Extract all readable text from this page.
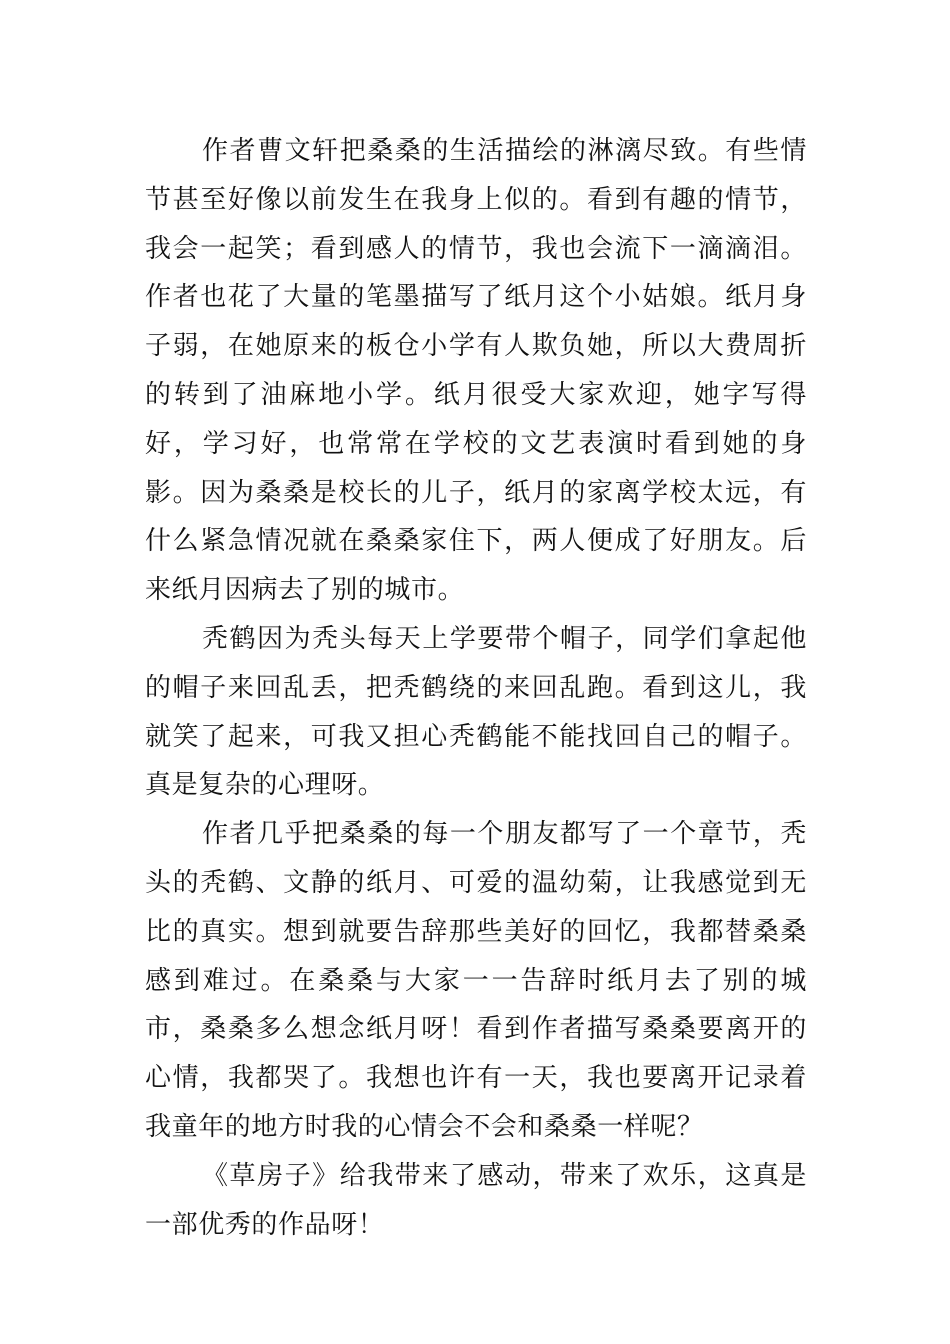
作者曹文轩把桑桑的生活描绘的淋漓尽致。有些情节甚至好像以前发生在我身上似的。看到有趣的情节，我会一起笑；看到感人的情节，我也会流下一滴滴泪。作者也花了大量的笔墨描写了纸月这个小姑娘。纸月身子弱，在她原来的板仓小学有人欺负她，所以大费周折的转到了油麻地小学。纸月很受大家欢迎，她字写得好，学习好，也常常在学校的文艺表演时看到她的身影。因为桑桑是校长的儿子，纸月的家离学校太远，有什么紧急情况就在桑桑家住下，两人便成了好朋友。后来纸月因病去了别的城市。

秃鹤因为秃头每天上学要带个帽子，同学们拿起他的帽子来回乱丢，把秃鹤绕的来回乱跑。看到这儿，我就笑了起来，可我又担心秃鹤能不能找回自己的帽子。真是复杂的心理呀。

作者几乎把桑桑的每一个朋友都写了一个章节，秃头的秃鹤、文静的纸月、可爱的温幼菊，让我感觉到无比的真实。想到就要告辞那些美好的回忆，我都替桑桑感到难过。在桑桑与大家一一告辞时纸月去了别的城市，桑桑多么想念纸月呀！看到作者描写桑桑要离开的心情，我都哭了。我想也许有一天，我也要离开记录着我童年的地方时我的心情会不会和桑桑一样呢？

《草房子》给我带来了感动，带来了欢乐，这真是一部优秀的作品呀！
